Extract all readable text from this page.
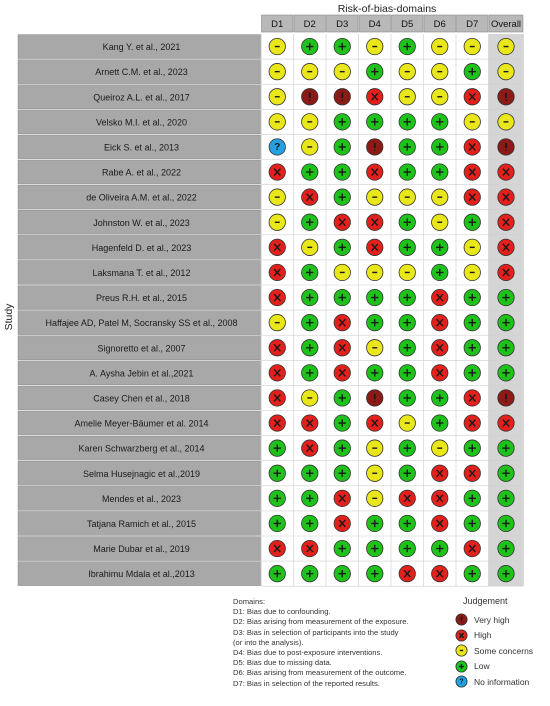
Risk-of-bias-domains
Study
D1 D2 D3 D4 D5 D6 D7 Overall
Kang Y. et al., 2021
Arnett C.M. et al., 2023
Queiroz A.L. et al., 2017
Velsko M.I. et al., 2020
Eick S. et al., 2013	?
Rabe A. et al., 2022
de Oliveira A.M. et al., 2022
Johnston W. et al., 2023
Hagenfeld D. et al., 2023
Laksmana T. et al., 2012
Preus R.H. et al., 2015
Haffajee AD, Patel M, Socransky SS et al., 2008
Signoretto et al., 2007
A. Aysha Jebin et al.,2021
Casey Chen et al., 2018
Amelie Meyer-Bäumer et al. 2014
Karen Schwarzberg et al., 2014
Selma Husejnagic et al.,2019
Mendes et al., 2023
Tatjana Ramich et al., 2015
Marie Dubar et al., 2019
Ibrahimu Mdala et al.,2013
Domains:
D1: Bias due to confounding.
D2: Bias arising from measurement of the exposure.
D3: Bias in selection of participants into the study
(or into the analysis).
D4: Bias due to post-exposure interventions.
D5: Bias due to missing data.
D6: Bias arising from measurement of the outcome.
D7: Bias in selection of the reported results.
Judgement
Very high
High
Some concerns
Low
? No information
